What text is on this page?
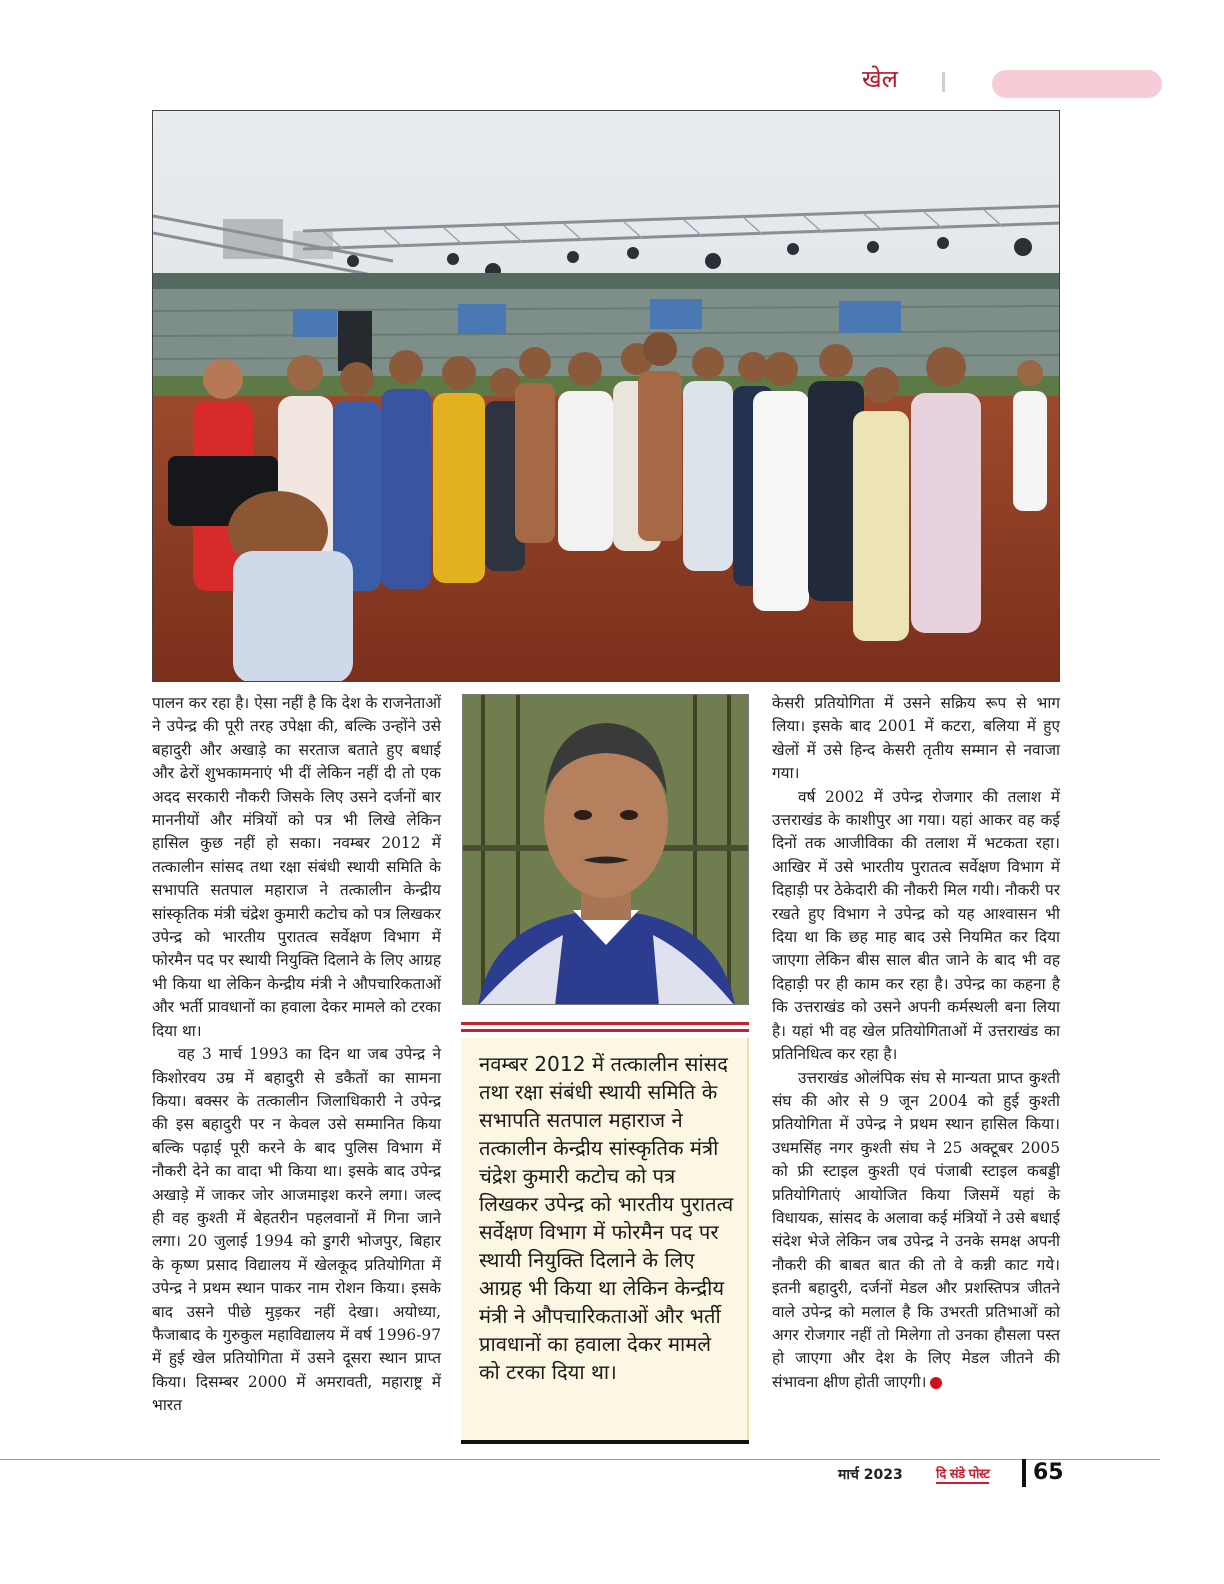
खेल

पालन कर रहा है। ऐसा नहीं है कि देश के राजनेताओं ने उपेन्द्र की पूरी तरह उपेक्षा की, बल्कि उन्होंने उसे बहादुरी और अखाड़े का सरताज बताते हुए बधाई और ढेरों शुभकामनाएं भी दीं लेकिन नहीं दी तो एक अदद सरकारी नौकरी जिसके लिए उसने दर्जनों बार माननीयों और मंत्रियों को पत्र भी लिखे लेकिन हासिल कुछ नहीं हो सका। नवम्बर 2012 में तत्कालीन सांसद तथा रक्षा संबंधी स्थायी समिति के सभापति सतपाल महाराज ने तत्कालीन केन्द्रीय सांस्कृतिक मंत्री चंद्रेश कुमारी कटोच को पत्र लिखकर उपेन्द्र को भारतीय पुरातत्व सर्वेक्षण विभाग में फोरमैन पद पर स्थायी नियुक्ति दिलाने के लिए आग्रह भी किया था लेकिन केन्द्रीय मंत्री ने औपचारिकताओं और भर्ती प्रावधानों का हवाला देकर मामले को टरका दिया था।

वह 3 मार्च 1993 का दिन था जब उपेन्द्र ने किशोरवय उम्र में बहादुरी से डकैतों का सामना किया। बक्सर के तत्कालीन जिलाधिकारी ने उपेन्द्र की इस बहादुरी पर न केवल उसे सम्मानित किया बल्कि पढ़ाई पूरी करने के बाद पुलिस विभाग में नौकरी देने का वादा भी किया था। इसके बाद उपेन्द्र अखाड़े में जाकर जोर आजमाइश करने लगा। जल्द ही वह कुश्ती में बेहतरीन पहलवानों में गिना जाने लगा। 20 जुलाई 1994 को डुगरी भोजपुर, बिहार के कृष्ण प्रसाद विद्यालय में खेलकूद प्रतियोगिता में उपेन्द्र ने प्रथम स्थान पाकर नाम रोशन किया। इसके बाद उसने पीछे मुड़कर नहीं देखा। अयोध्या, फैजाबाद के गुरुकुल महाविद्यालय में वर्ष 1996-97 में हुई खेल प्रतियोगिता में उसने दूसरा स्थान प्राप्त किया। दिसम्बर 2000 में अमरावती, महाराष्ट्र में भारत

नवम्बर 2012 में तत्कालीन सांसद तथा रक्षा संबंधी स्थायी समिति के सभापति सतपाल महाराज ने तत्कालीन केन्द्रीय सांस्कृतिक मंत्री चंद्रेश कुमारी कटोच को पत्र लिखकर उपेन्द्र को भारतीय पुरातत्व सर्वेक्षण विभाग में फोरमैन पद पर स्थायी नियुक्ति दिलाने के लिए आग्रह भी किया था लेकिन केन्द्रीय मंत्री ने औपचारिकताओं और भर्ती प्रावधानों का हवाला देकर मामले को टरका दिया था।

केसरी प्रतियोगिता में उसने सक्रिय रूप से भाग लिया। इसके बाद 2001 में कटरा, बलिया में हुए खेलों में उसे हिन्द केसरी तृतीय सम्मान से नवाजा गया।

वर्ष 2002 में उपेन्द्र रोजगार की तलाश में उत्तराखंड के काशीपुर आ गया। यहां आकर वह कई दिनों तक आजीविका की तलाश में भटकता रहा। आखिर में उसे भारतीय पुरातत्व सर्वेक्षण विभाग में दिहाड़ी पर ठेकेदारी की नौकरी मिल गयी। नौकरी पर रखते हुए विभाग ने उपेन्द्र को यह आश्वासन भी दिया था कि छह माह बाद उसे नियमित कर दिया जाएगा लेकिन बीस साल बीत जाने के बाद भी वह दिहाड़ी पर ही काम कर रहा है। उपेन्द्र का कहना है कि उत्तराखंड को उसने अपनी कर्मस्थली बना लिया है। यहां भी वह खेल प्रतियोगिताओं में उत्तराखंड का प्रतिनिधित्व कर रहा है।

उत्तराखंड ओलंपिक संघ से मान्यता प्राप्त कुश्ती संघ की ओर से 9 जून 2004 को हुई कुश्ती प्रतियोगिता में उपेन्द्र ने प्रथम स्थान हासिल किया। उधमसिंह नगर कुश्ती संघ ने 25 अक्टूबर 2005 को फ्री स्टाइल कुश्ती एवं पंजाबी स्टाइल कबड्डी प्रतियोगिताएं आयोजित किया जिसमें यहां के विधायक, सांसद के अलावा कई मंत्रियों ने उसे बधाई संदेश भेजे लेकिन जब उपेन्द्र ने उनके समक्ष अपनी नौकरी की बाबत बात की तो वे कन्नी काट गये। इतनी बहादुरी, दर्जनों मेडल और प्रशस्तिपत्र जीतने वाले उपेन्द्र को मलाल है कि उभरती प्रतिभाओं को अगर रोजगार नहीं तो मिलेगा तो उनका हौसला पस्त हो जाएगा और देश के लिए मेडल जीतने की संभावना क्षीण होती जाएगी।

मार्च 2023	दि संडे पोस्ट 65
